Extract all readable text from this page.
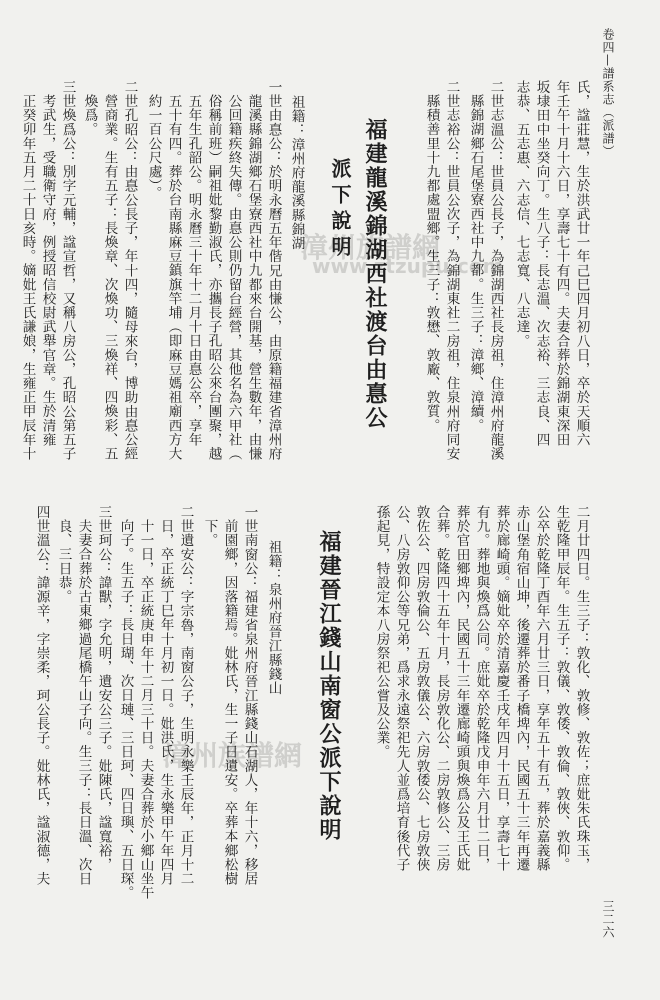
卷四—譜系志（派譜）
三二六
漳州族譜網
www.ztzupu.com
漳州族譜網
氏，諡莊慧，生於洪武廿一年己巳四月初八日，卒於天順六
年壬午十月十六日，享壽七十有四。夫妻合葬於錦湖東深田
坂埭田中坐癸向丁。生八子：長志溫、次志裕、三志良、四
志恭、五志惠、六志信、七志寬、八志達。
二世志溫公：世員公長子，為錦湖西社長房祖，住漳州府龍溪
縣錦湖鄉石尾堡寮西社中九都。生三子：漳鄉、漳續。
二世志裕公：世員公次子，為錦湖東社二房祖，住泉州府同安
縣積善里十九都處盟鄉。生三子：敦懋、敦廠、敦質。
福建龍溪錦湖西社渡台由惪公
派下說明
祖籍：漳州府龍溪縣錦湖
一世由惪公：於明永曆五年偕兄由慊公，由原籍福建省漳州府
龍溪縣錦湖鄉石堡寮西社中九都來台開基，營生數年，由慊
公回籍疾終失傳。由惪公則仍留台經營，其他名為六甲社（
俗稱前班）嗣祖妣黎勤淑氏，亦攜長子孔昭公來台團聚，越
五年生孔韶公。明永曆三十年十二月十日由惪公卒，享年
五十有四。葬於台南縣麻豆鎮旗竿埔（即麻豆媽祖廟西方大
約一百公尺處）。
二世孔昭公：由惪公長子，年十四，隨母來台，博助由惪公經
營商業。生有五子：長煥章、次煥功、三煥祥、四煥彩、五
煥爲。
三世煥爲公：別字元輔，諡宣哲，又稱八房公，孔昭公第五子
考武生，受職衛守府，例授昭信校尉武舉官章。生於清雍
正癸卯年五月二十日亥時。嫡妣王氏謙娘，生雍正甲辰年十
二月廿四日。生三子：敦化、敦修、敦佐；庶妣朱氏珠玉，
生乾隆甲辰年。生五子：敦儀、敦倭、敦倫、敦俠、敦仰。
公卒於乾隆丁酉年六月廿三日，享年五十有五，葬於嘉義縣
赤山堡角宿山坤，後遷葬於番子橋埤內，民國五十三年再遷
葬於廊崎頭。嫡妣卒於清嘉慶壬戌年四月十五日，享壽七十
有九。葬地與煥爲公同。庶妣卒於乾隆戊申年六月廿二日，
葬於官田鄉埤內，民國五十三年遷廊崎頭與煥爲公及王氏妣
合葬。乾隆四十五年十月，長房敦化公、二房敦修公、三房
敦佐公、四房敦倫公、五房敦儀公、六房敦倭公、七房敦俠
公、八房敦仰公等兄弟，爲求永遠祭祀先人並爲培育後代子
孫起見，特設定本八房祭祀公嘗及公業。
福建晉江錢山南窗公派下說明
祖籍：泉州府晉江縣錢山
一世南窗公：福建省泉州府晉江縣錢山石湖人，年十六，移居
前園鄉，因落籍焉。妣林氏，生一子日遺安。卒葬本鄉松樹
下。
二世遺安公：字宗魯，南窗公子，生明永樂壬辰年，正月十二
日，卒正統丁巳年十月初一日。妣洪氏，生永樂甲午年四月
十一日，卒正統庚申年十二月三十日。夫妻合葬於小鄉山坐午
向子。生五子：長日瑚、次日璉、三日珂、四日璵、五日琛。
三世珂公：諱獸，字允明，遺安公三子。妣陳氏，諡寬裕，
夫妻合葬於古東鄉過尾橋午山子向。生三子：長日溫、次日
良、三日恭。
四世溫公：諱源辛，字崇柔，珂公長子。妣林氏，諡淑德，夫
